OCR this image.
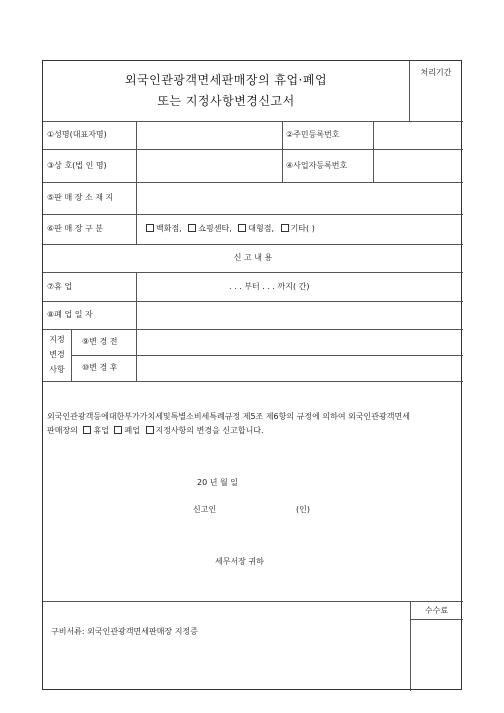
외국인관광객면세판매장의 휴업·폐업
또는 지정사항변경신고서
처리기간
①성명(대표자명)	②주민등록번호
③상 호(법 인 명)	④사업자등록번호
⑤판 매 장 소 재 지
⑥판 매 장 구 분	백화점, 쇼핑센타, 대형점, 기타( )
신 고 내 용
⑦휴 업	. . . 부터 . . . 까지( 간)
⑧폐 업 일 자
지정
변경
사항
⑨변 경 전
⑩변 경 후
외국인관광객등에대한부가가치세및특별소비세특례규정 제5조 제6항의 규정에 의하여 외국인관광객면세
판매장의 휴업 폐업 지정사항의 변경을 신고합니다.
20 년 월 일
신고인	(인)
세무서장 귀하
구비서류: 외국인관광객면세판매장 지정증
수수료
